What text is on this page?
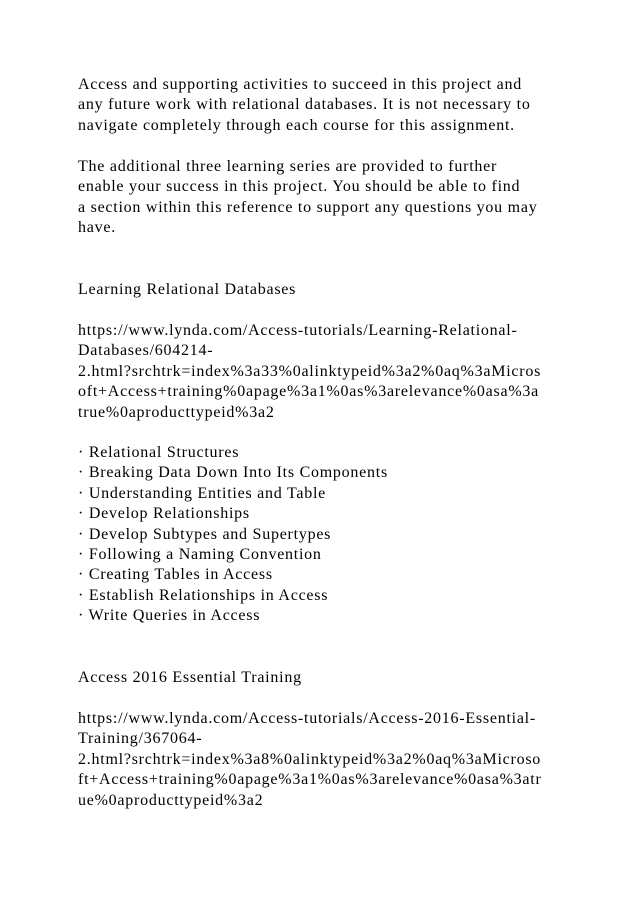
Access and supporting activities to succeed in this project and
any future work with relational databases. It is not necessary to
navigate completely through each course for this assignment.

The additional three learning series are provided to further
enable your success in this project. You should be able to find
a section within this reference to support any questions you may
have.

Learning Relational Databases

https://www.lynda.com/Access-tutorials/Learning-Relational-
Databases/604214-
2.html?srchtrk=index%3a33%0alinktypeid%3a2%0aq%3aMicros
oft+Access+training%0apage%3a1%0as%3arelevance%0asa%3a
true%0aproducttypeid%3a2

· Relational Structures
· Breaking Data Down Into Its Components
· Understanding Entities and Table
· Develop Relationships
· Develop Subtypes and Supertypes
· Following a Naming Convention
· Creating Tables in Access
· Establish Relationships in Access
· Write Queries in Access

Access 2016 Essential Training

https://www.lynda.com/Access-tutorials/Access-2016-Essential-
Training/367064-
2.html?srchtrk=index%3a8%0alinktypeid%3a2%0aq%3aMicroso
ft+Access+training%0apage%3a1%0as%3arelevance%0asa%3atr
ue%0aproducttypeid%3a2
